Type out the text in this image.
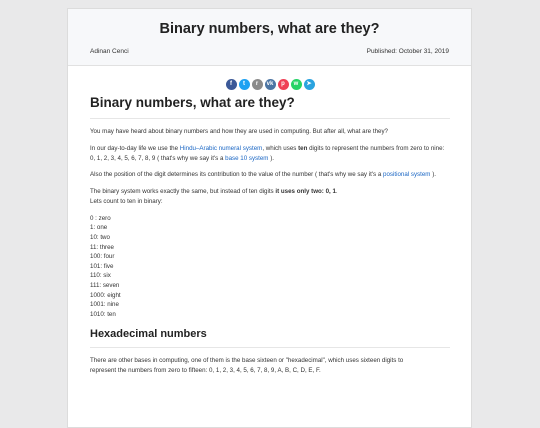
Binary numbers, what are they?
Adinan Cenci	Published: October 31, 2019
f t r vk p w ➤
Binary numbers, what are they?

You may have heard about binary numbers and how they are used in computing. But after all, what are they?

In our day-to-day life we use the Hindu–Arabic numeral system, which uses ten digits to represent the numbers from zero to nine: 0, 1, 2, 3, 4, 5, 6, 7, 8, 9 ( that's why we say it's a base 10 system ).

Also the position of the digit determines its contribution to the value of the number ( that's why we say it's a positional system ).

The binary system works exactly the same, but instead of ten digits it uses only two: 0, 1.
Lets count to ten in binary:

0 : zero

1: one

10: two

11: three

100: four

101: five

110: six

111: seven

1000: eight

1001: nine

1010: ten

Hexadecimal numbers

There are other bases in computing, one of them is the base sixteen or "hexadecimal", which uses sixteen digits to
represent the numbers from zero to fifteen: 0, 1, 2, 3, 4, 5, 6, 7, 8, 9, A, B, C, D, E, F.
